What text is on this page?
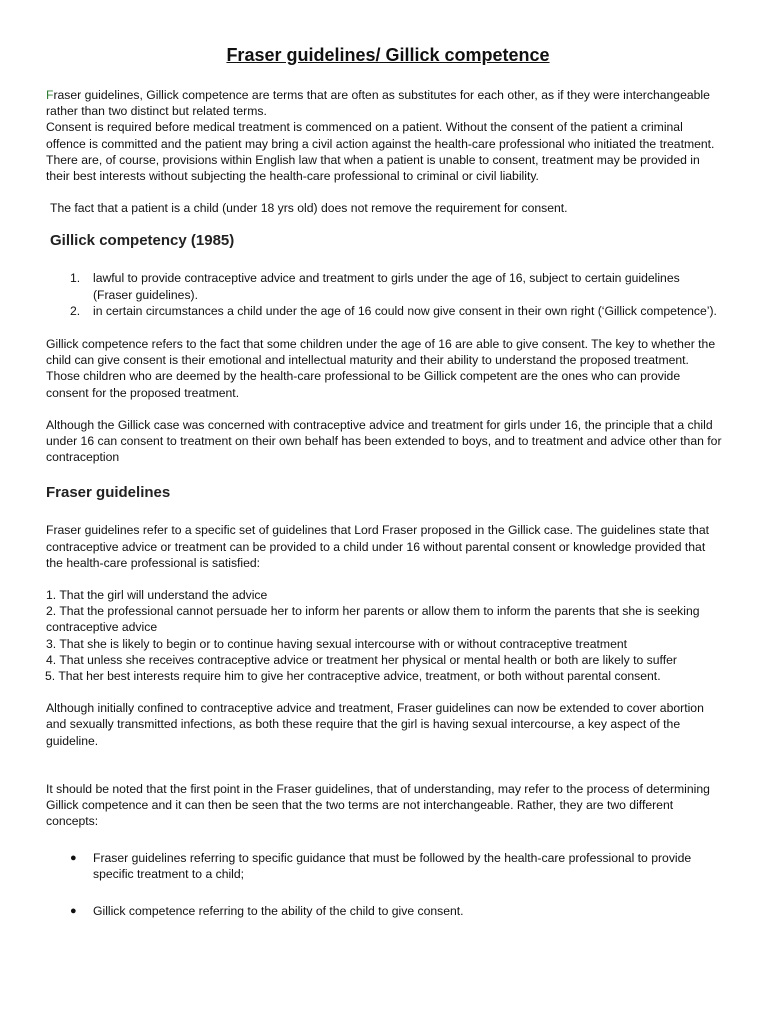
Fraser guidelines/ Gillick competence

Fraser guidelines, Gillick competence are terms that are often as substitutes for each other, as if they were interchangeable rather than two distinct but related terms.

Consent is required before medical treatment is commenced on a patient. Without the consent of the patient a criminal offence is committed and the patient may bring a civil action against the health-care professional who initiated the treatment. There are, of course, provisions within English law that when a patient is unable to consent, treatment may be provided in their best interests without subjecting the health-care professional to criminal or civil liability.

The fact that a patient is a child (under 18 yrs old) does not remove the requirement for consent.

Gillick competency (1985)
1. lawful to provide contraceptive advice and treatment to girls under the age of 16, subject to certain guidelines (Fraser guidelines).
2. in certain circumstances a child under the age of 16 could now give consent in their own right (‘Gillick competence’).

Gillick competence refers to the fact that some children under the age of 16 are able to give consent. The key to whether the child can give consent is their emotional and intellectual maturity and their ability to understand the proposed treatment. Those children who are deemed by the health-care professional to be Gillick competent are the ones who can provide consent for the proposed treatment.

Although the Gillick case was concerned with contraceptive advice and treatment for girls under 16, the principle that a child under 16 can consent to treatment on their own behalf has been extended to boys, and to treatment and advice other than for contraception

Fraser guidelines

Fraser guidelines refer to a specific set of guidelines that Lord Fraser proposed in the Gillick case. The guidelines state that contraceptive advice or treatment can be provided to a child under 16 without parental consent or knowledge provided that the health-care professional is satisfied:

1. That the girl will understand the advice

2. That the professional cannot persuade her to inform her parents or allow them to inform the parents that she is seeking contraceptive advice

3. That she is likely to begin or to continue having sexual intercourse with or without contraceptive treatment

4. That unless she receives contraceptive advice or treatment her physical or mental health or both are likely to suffer

5. That her best interests require him to give her contraceptive advice, treatment, or both without parental consent.

Although initially confined to contraceptive advice and treatment, Fraser guidelines can now be extended to cover abortion and sexually transmitted infections, as both these require that the girl is having sexual intercourse, a key aspect of the guideline.

It should be noted that the first point in the Fraser guidelines, that of understanding, may refer to the process of determining Gillick competence and it can then be seen that the two terms are not interchangeable. Rather, they are two different concepts:

● Fraser guidelines referring to specific guidance that must be followed by the health-care professional to provide specific treatment to a child;
● Gillick competence referring to the ability of the child to give consent.
